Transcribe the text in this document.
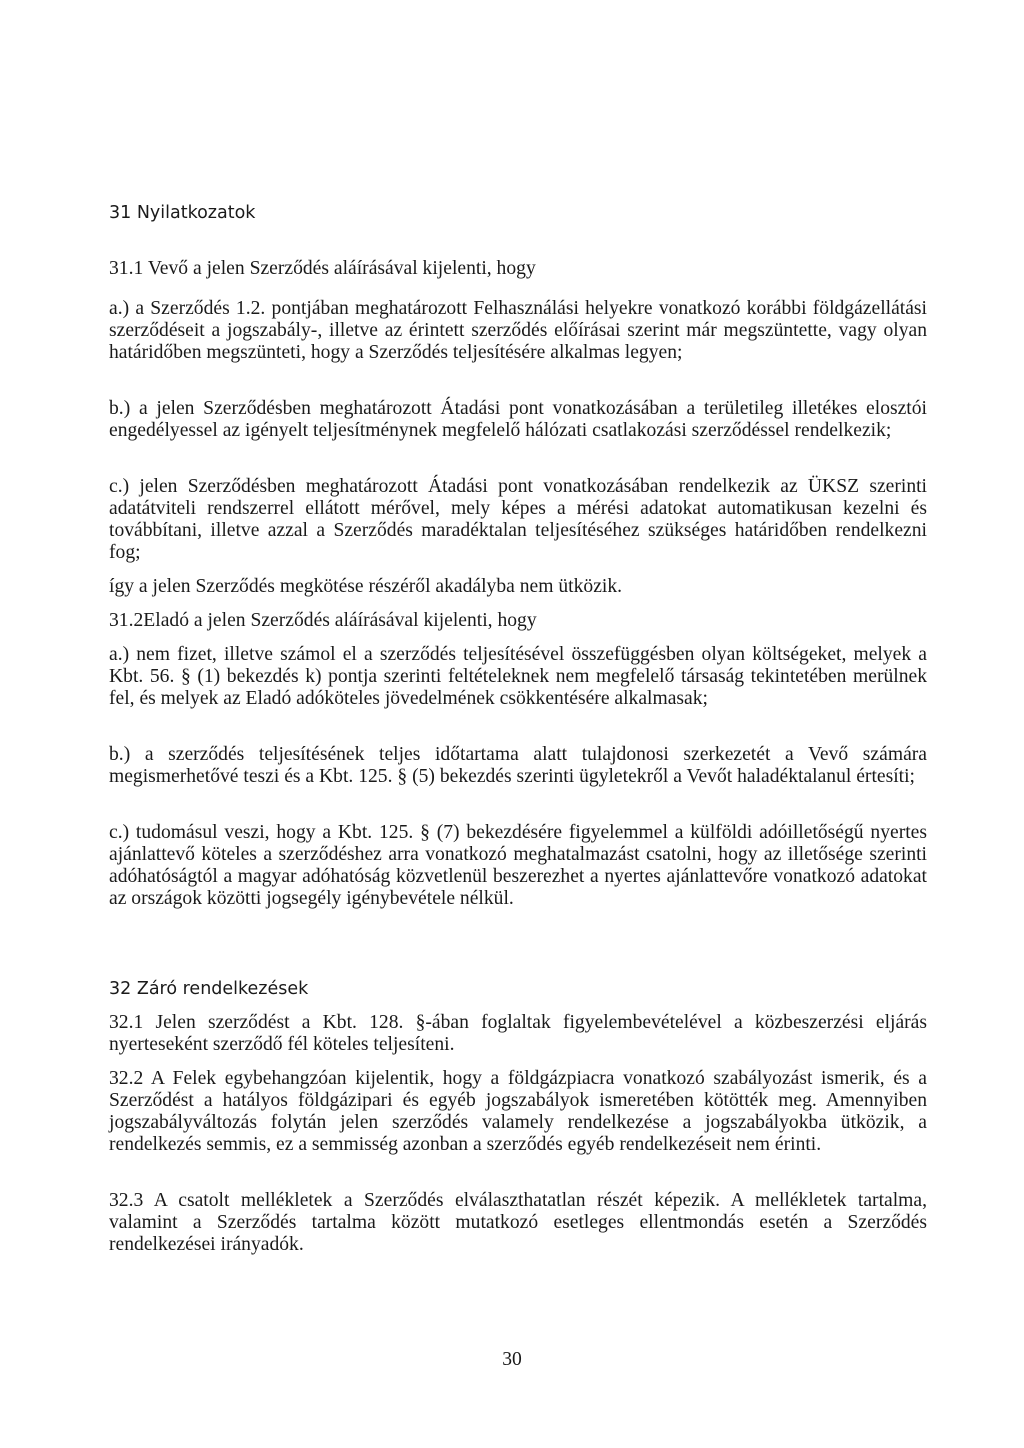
31 Nyilatkozatok

31.1 Vevő a jelen Szerződés aláírásával kijelenti, hogy

a.) a Szerződés 1.2. pontjában meghatározott Felhasználási helyekre vonatkozó korábbi földgázellátási szerződéseit a jogszabály-, illetve az érintett szerződés előírásai szerint már megszüntette, vagy olyan határidőben megszünteti, hogy a Szerződés teljesítésére alkalmas legyen;

b.) a jelen Szerződésben meghatározott Átadási pont vonatkozásában a területileg illetékes elosztói engedélyessel az igényelt teljesítménynek megfelelő hálózati csatlakozási szerződéssel rendelkezik;

c.) jelen Szerződésben meghatározott Átadási pont vonatkozásában rendelkezik az ÜKSZ szerinti adatátviteli rendszerrel ellátott mérővel, mely képes a mérési adatokat automatikusan kezelni és továbbítani, illetve azzal a Szerződés maradéktalan teljesítéséhez szükséges határidőben rendelkezni fog;

így a jelen Szerződés megkötése részéről akadályba nem ütközik.

31.2Eladó a jelen Szerződés aláírásával kijelenti, hogy

a.) nem fizet, illetve számol el a szerződés teljesítésével összefüggésben olyan költségeket, melyek a Kbt. 56. § (1) bekezdés k) pontja szerinti feltételeknek nem megfelelő társaság tekintetében merülnek fel, és melyek az Eladó adóköteles jövedelmének csökkentésére alkalmasak;

b.) a szerződés teljesítésének teljes időtartama alatt tulajdonosi szerkezetét a Vevő számára megismerhetővé teszi és a Kbt. 125. § (5) bekezdés szerinti ügyletekről a Vevőt haladéktalanul értesíti;

c.) tudomásul veszi, hogy a Kbt. 125. § (7) bekezdésére figyelemmel a külföldi adóilletőségű nyertes ajánlattevő köteles a szerződéshez arra vonatkozó meghatalmazást csatolni, hogy az illetősége szerinti adóhatóságtól a magyar adóhatóság közvetlenül beszerezhet a nyertes ajánlattevőre vonatkozó adatokat az országok közötti jogsegély igénybevétele nélkül.

32 Záró rendelkezések

32.1 Jelen szerződést a Kbt. 128. §-ában foglaltak figyelembevételével a közbeszerzési eljárás nyerteseként szerződő fél köteles teljesíteni.

32.2 A Felek egybehangzóan kijelentik, hogy a földgázpiacra vonatkozó szabályozást ismerik, és a Szerződést a hatályos földgázipari és egyéb jogszabályok ismeretében kötötték meg. Amennyiben jogszabályváltozás folytán jelen szerződés valamely rendelkezése a jogszabályokba ütközik, a rendelkezés semmis, ez a semmisség azonban a szerződés egyéb rendelkezéseit nem érinti.

32.3 A csatolt mellékletek a Szerződés elválaszthatatlan részét képezik. A mellékletek tartalma, valamint a Szerződés tartalma között mutatkozó esetleges ellentmondás esetén a Szerződés rendelkezései irányadók.

30
